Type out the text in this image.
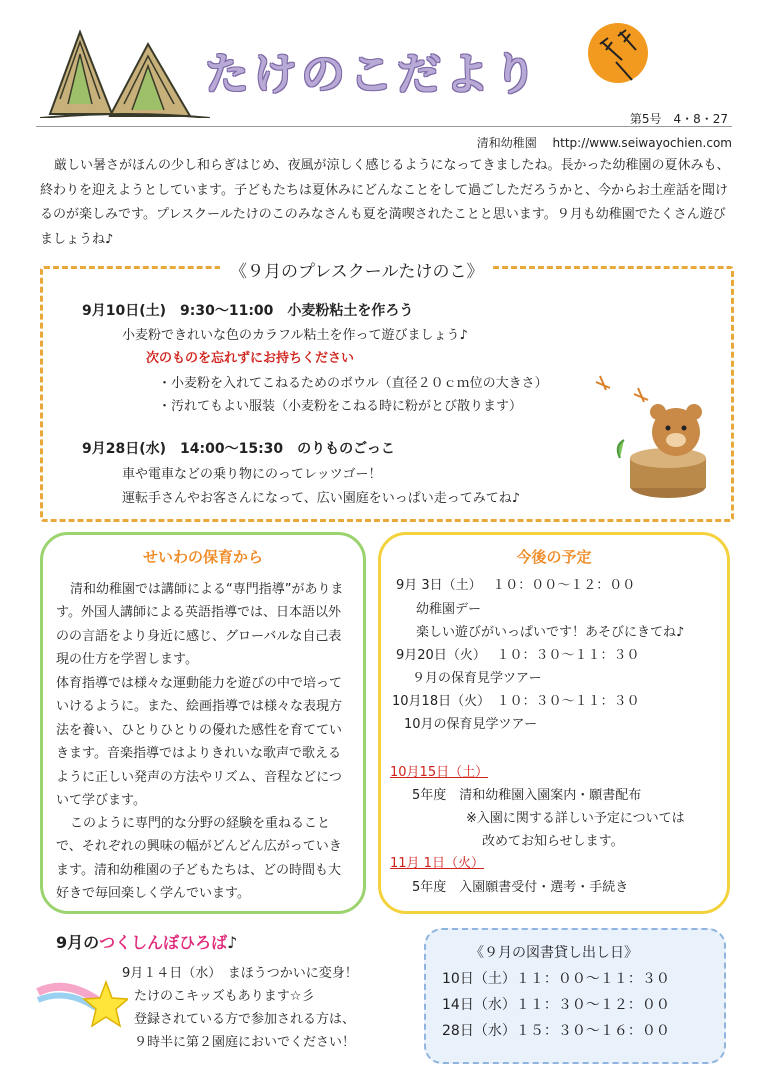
たけのこだより
第5号　4・8・27
清和幼稚園　 http://www.seiwayochien.com
厳しい暑さがほんの少し和らぎはじめ、夜風が涼しく感じるようになってきましたね。長かった幼稚園の夏休みも、終わりを迎えようとしています。子どもたちは夏休みにどんなことをして過ごしただろうかと、今からお土産話を聞けるのが楽しみです。プレスクールたけのこのみなさんも夏を満喫されたことと思います。９月も幼稚園でたくさん遊びましょうね♪
《９月のプレスクールたけのこ》
9月10日(土)　9:30～11:00　小麦粉粘土を作ろう
小麦粉できれいな色のカラフル粘土を作って遊びましょう♪
次のものを忘れずにお持ちください
・小麦粉を入れてこねるためのボウル（直径２０ｃｍ位の大きさ）
・汚れてもよい服装（小麦粉をこねる時に粉がとび散ります）
9月28日(水)　14:00～15:30　のりものごっこ
車や電車などの乗り物にのってレッツゴー！
運転手さんやお客さんになって、広い園庭をいっぱい走ってみてね♪
せいわの保育から
清和幼稚園では講師による“専門指導”があります。外国人講師による英語指導では、日本語以外のの言語をより身近に感じ、グローバルな自己表現の仕方を学習します。
体育指導では様々な運動能力を遊びの中で培っていけるように。また、絵画指導では様々な表現方法を養い、ひとりひとりの優れた感性を育てていきます。音楽指導ではよりきれいな歌声で歌えるように正しい発声の方法やリズム、音程などについて学びます。
このように専門的な分野の経験を重ねることで、それぞれの興味の幅がどんどん広がっていきます。清和幼稚園の子どもたちは、どの時間も大好きで毎回楽しく学んでいます。
今後の予定
9月 3日（土）　 １０：００～１２：００
幼稚園デー
楽しい遊びがいっぱいです！あそびにきてね♪
9月20日（火）　 １０：３０～１１：３０
９月の保育見学ツアー
10月18日（火）　１０：３０～１１：３０
10月の保育見学ツアー
10月15日（土）
5年度　清和幼稚園入園案内・願書配布
※入園に関する詳しい予定については
改めてお知らせします。
11月 1日（火）
5年度　入園願書受付・選考・手続き
9月のつくしんぼひろば♪
9月１４日（水）　まほうつかいに変身！
たけのこキッズもあります☆彡
登録されている方で参加される方は、
９時半に第２園庭においでください！
《９月の図書貸し出し日》
10日（土）１１：００～１１：３０
14日（水）１１：３０～１２：００
28日（水）１５：３０～１６：００
